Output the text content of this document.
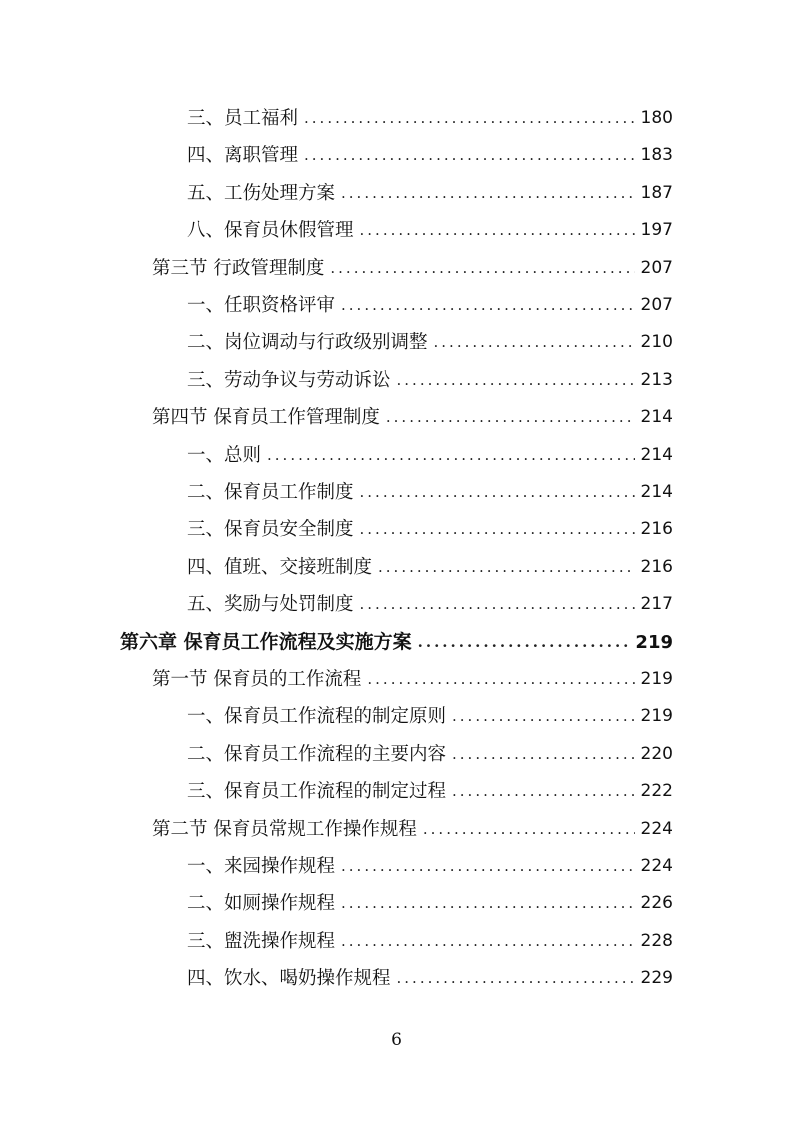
三、员工福利 .....	180
四、离职管理 .....	183
五、工伤处理方案 .....	187
八、保育员休假管理 .....	197
第三节 行政管理制度 .....	207
一、任职资格评审 .....	207
二、岗位调动与行政级别调整 .....	210
三、劳动争议与劳动诉讼 .....	213
第四节 保育员工作管理制度 .....	214
一、总则 .....	214
二、保育员工作制度 .....	214
三、保育员安全制度 .....	216
四、值班、交接班制度 .....	216
五、奖励与处罚制度 .....	217
第六章 保育员工作流程及实施方案 .....	219
第一节 保育员的工作流程 .....	219
一、保育员工作流程的制定原则 .....	219
二、保育员工作流程的主要内容 .....	220
三、保育员工作流程的制定过程 .....	222
第二节 保育员常规工作操作规程 .....	224
一、来园操作规程 .....	224
二、如厕操作规程 .....	226
三、盥洗操作规程 .....	228
四、饮水、喝奶操作规程 .....	229
6
